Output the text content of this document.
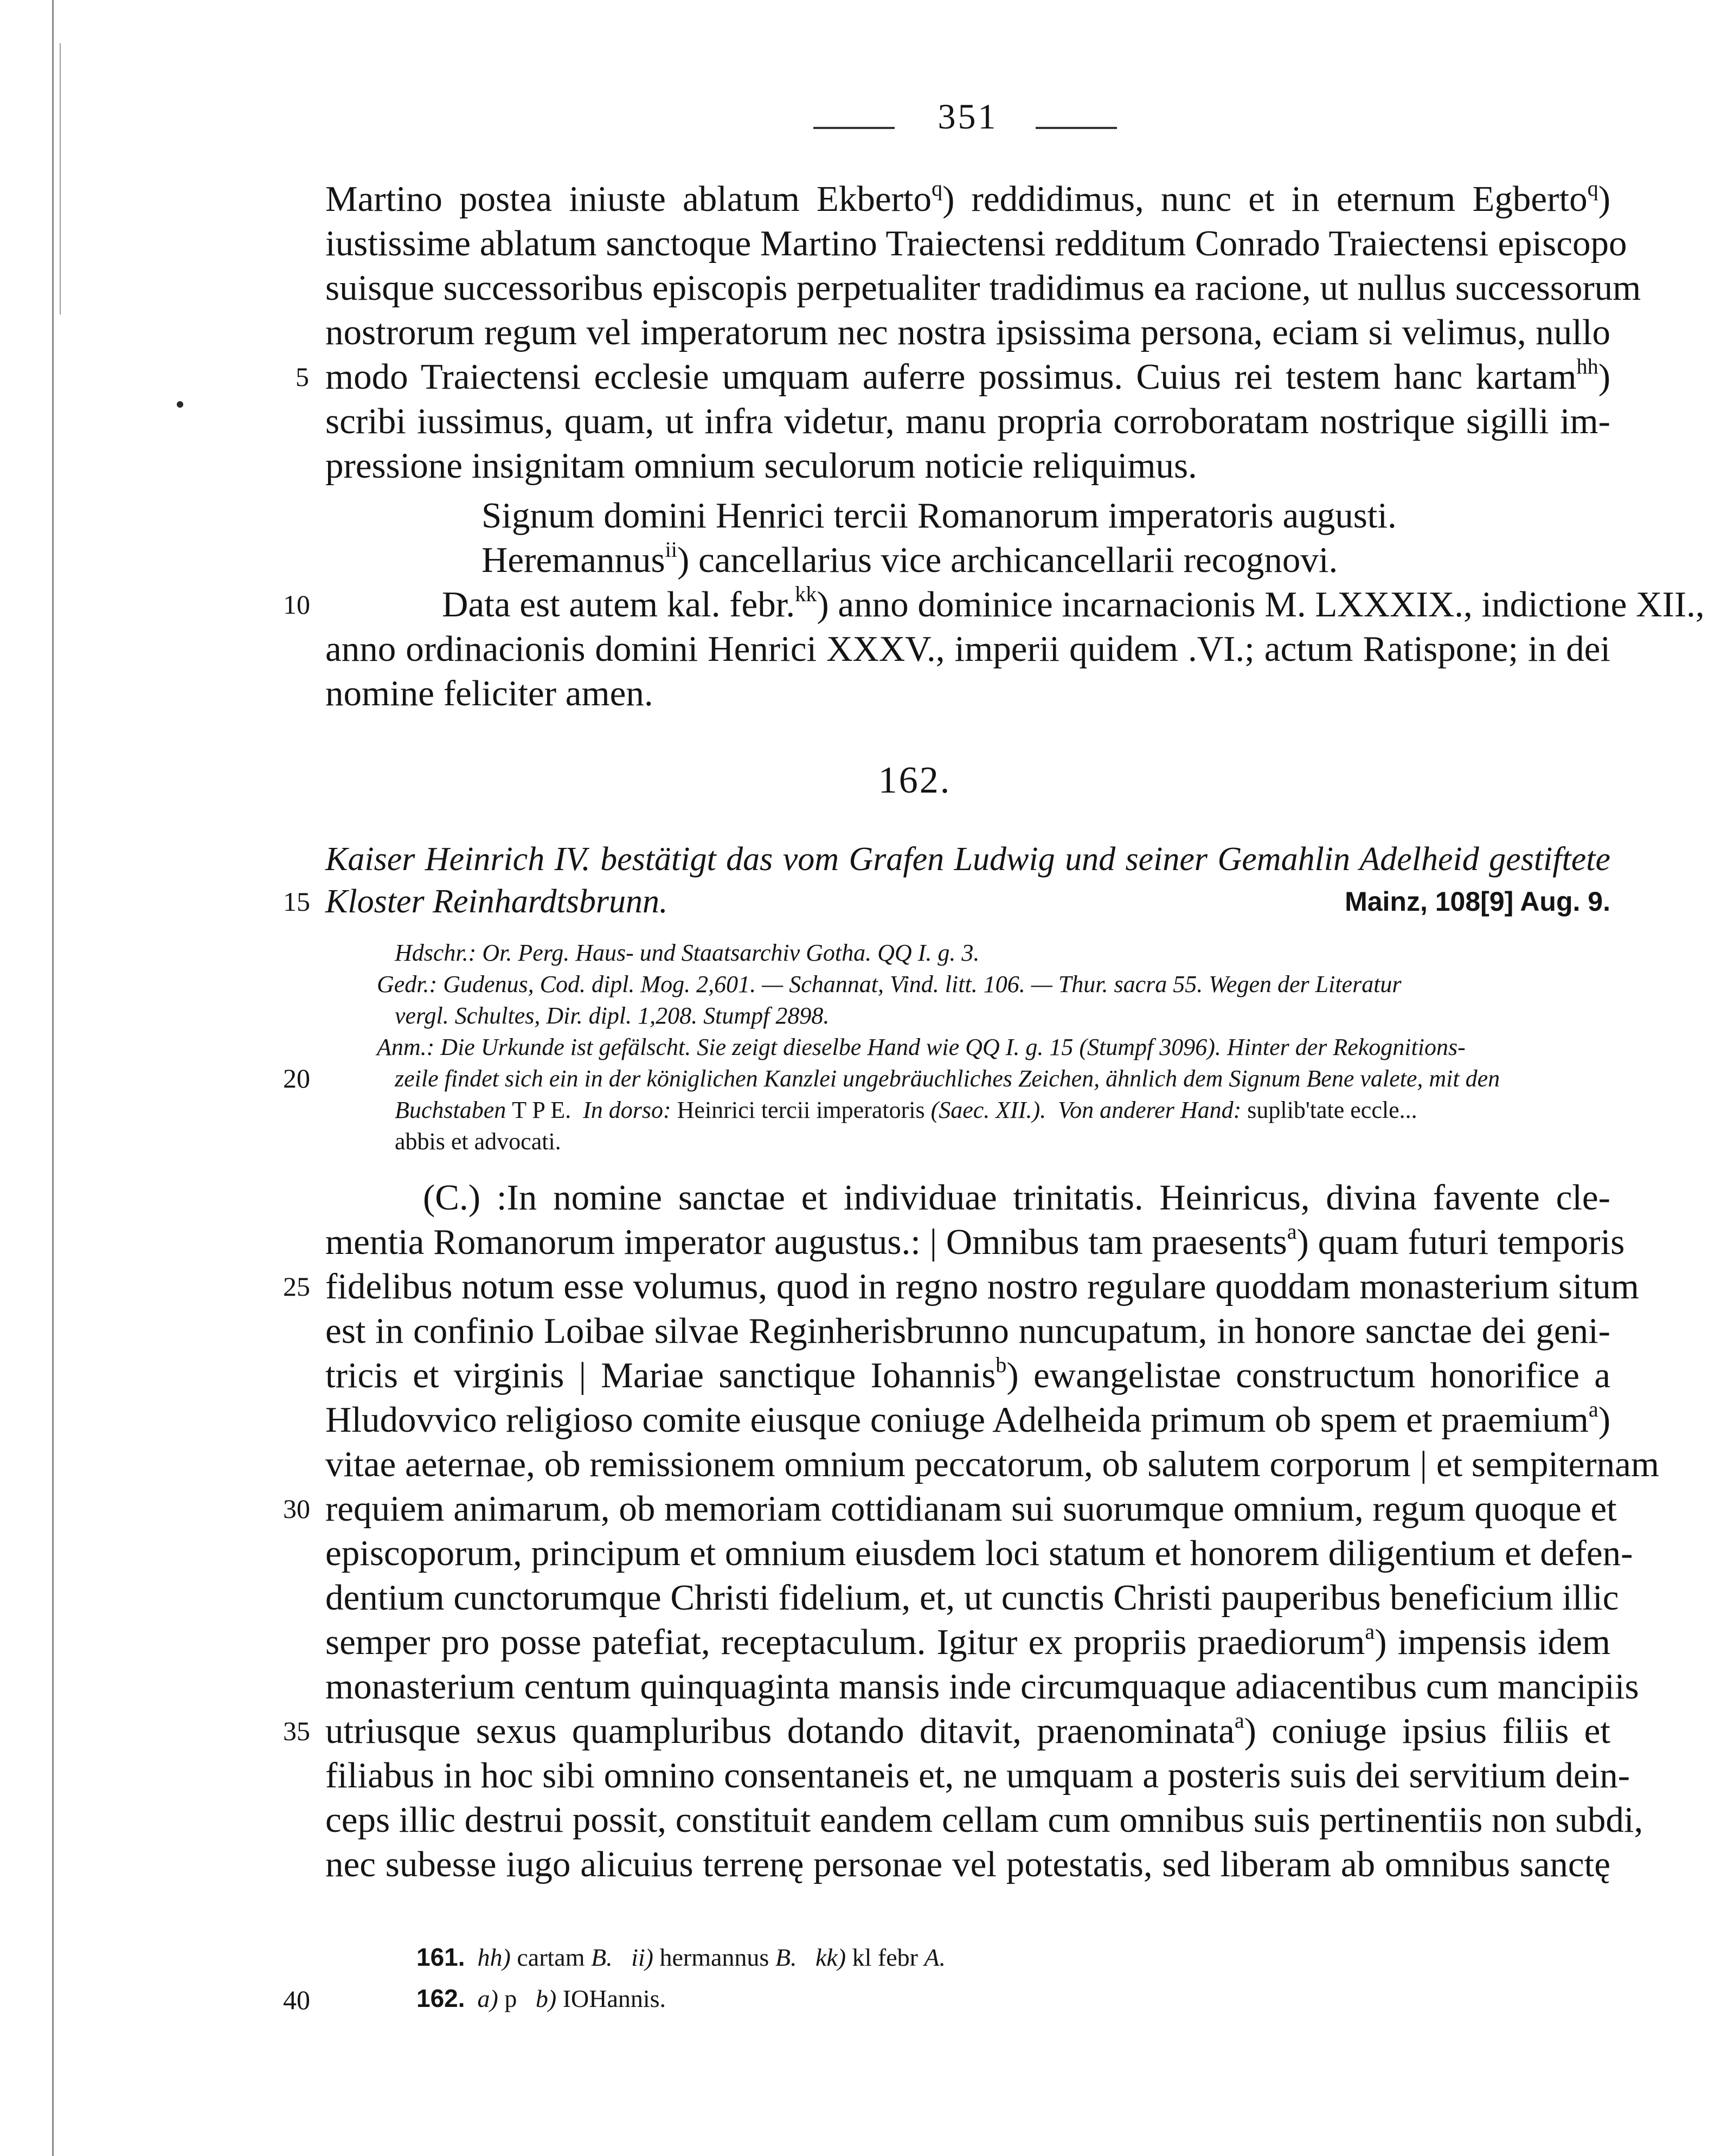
351
Martino postea iniuste ablatum Ekberto$^q$) reddidimus, nunc et in eternum Egberto$^q$)
iustissime ablatum sanctoque Martino Traiectensi redditum Conrado Traiectensi episcopo
suisque successoribus episcopis perpetualiter tradidimus ea racione, ut nullus successorum
nostrorum regum vel imperatorum nec nostra ipsissima persona, eciam si velimus, nullo
5 modo Traiectensi ecclesie umquam auferre possimus. Cuius rei testem hanc kartam$^{hh}$)
scribi iussimus, quam, ut infra videtur, manu propria corroboratam nostrique sigilli im-
pressione insignitam omnium seculorum noticie reliquimus.
Signum domini Henrici tercii Romanorum imperatoris augusti.
Heremannus$^{ii}$) cancellarius vice archicancellarii recognovi.
10	Data est autem kal. febr.$^{kk}$) anno dominice incarnacionis M. LXXXIX., indictione XII.,
anno ordinacionis domini Henrici XXXV., imperii quidem .VI.; actum Ratispone; in dei
nomine feliciter amen.
162.
Kaiser Heinrich IV. bestätigt das vom Grafen Ludwig und seiner Gemahlin Adelheid gestiftete
15 Kloster Reinhardtsbrunn.	Mainz, 108[9] Aug. 9.
Hdschr.: Or. Perg. Haus- und Staatsarchiv Gotha. QQ I. g. 3.
Gedr.: Gudenus, Cod. dipl. Mog. 2,601. — Schannat, Vind. litt. 106. — Thur. sacra 55. Wegen der Literatur
vergl. Schultes, Dir. dipl. 1,208. Stumpf 2898.
Anm.: Die Urkunde ist gefälscht. Sie zeigt dieselbe Hand wie QQ I. g. 15 (Stumpf 3096). Hinter der Rekognitions-
20	zeile findet sich ein in der königlichen Kanzlei ungebräuchliches Zeichen, ähnlich dem Signum Bene valete, mit den
Buchstaben T P E. In dorso: Heinrici tercii imperatoris (Saec. XII.). Von anderer Hand: suplib'tate eccle...
abbis et advocati.
(C.) :In nomine sanctae et individuae trinitatis. Heinricus, divina favente cle-
mentia Romanorum imperator augustus.: | Omnibus tam praesents$^a$) quam futuri temporis
25 fidelibus notum esse volumus, quod in regno nostro regulare quoddam monasterium situm
est in confinio Loibae silvae Reginherisbrunno nuncupatum, in honore sanctae dei geni-
tricis et virginis | Mariae sanctique Iohannis$^b$) ewangelistae constructum honorifice a
Hludovvico religioso comite eiusque coniuge Adelheida primum ob spem et praemium$^a$)
vitae aeternae, ob remissionem omnium peccatorum, ob salutem corporum | et sempiternam
30 requiem animarum, ob memoriam cottidianam sui suorumque omnium, regum quoque et
episcoporum, principum et omnium eiusdem loci statum et honorem diligentium et defen-
dentium cunctorumque Christi fidelium, et, ut cunctis Christi pauperibus beneficium illic
semper pro posse patefiat, receptaculum. Igitur ex propriis praediorum$^a$) impensis idem
monasterium centum quinquaginta mansis inde circumquaque adiacentibus cum mancipiis
35 utriusque sexus quampluribus dotando ditavit, praenominata$^a$) coniuge ipsius filiis et
filiabus in hoc sibi omnino consentaneis et, ne umquam a posteris suis dei servitium dein-
ceps illic destrui possit, constituit eandem cellam cum omnibus suis pertinentiis non subdi,
nec subesse iugo alicuius terrenę personae vel potestatis, sed liberam ab omnibus sanctę
161. hh) cartam B. ii) hermannus B. kk) kl febr A.
40	162. a) p b) IOHannis.
